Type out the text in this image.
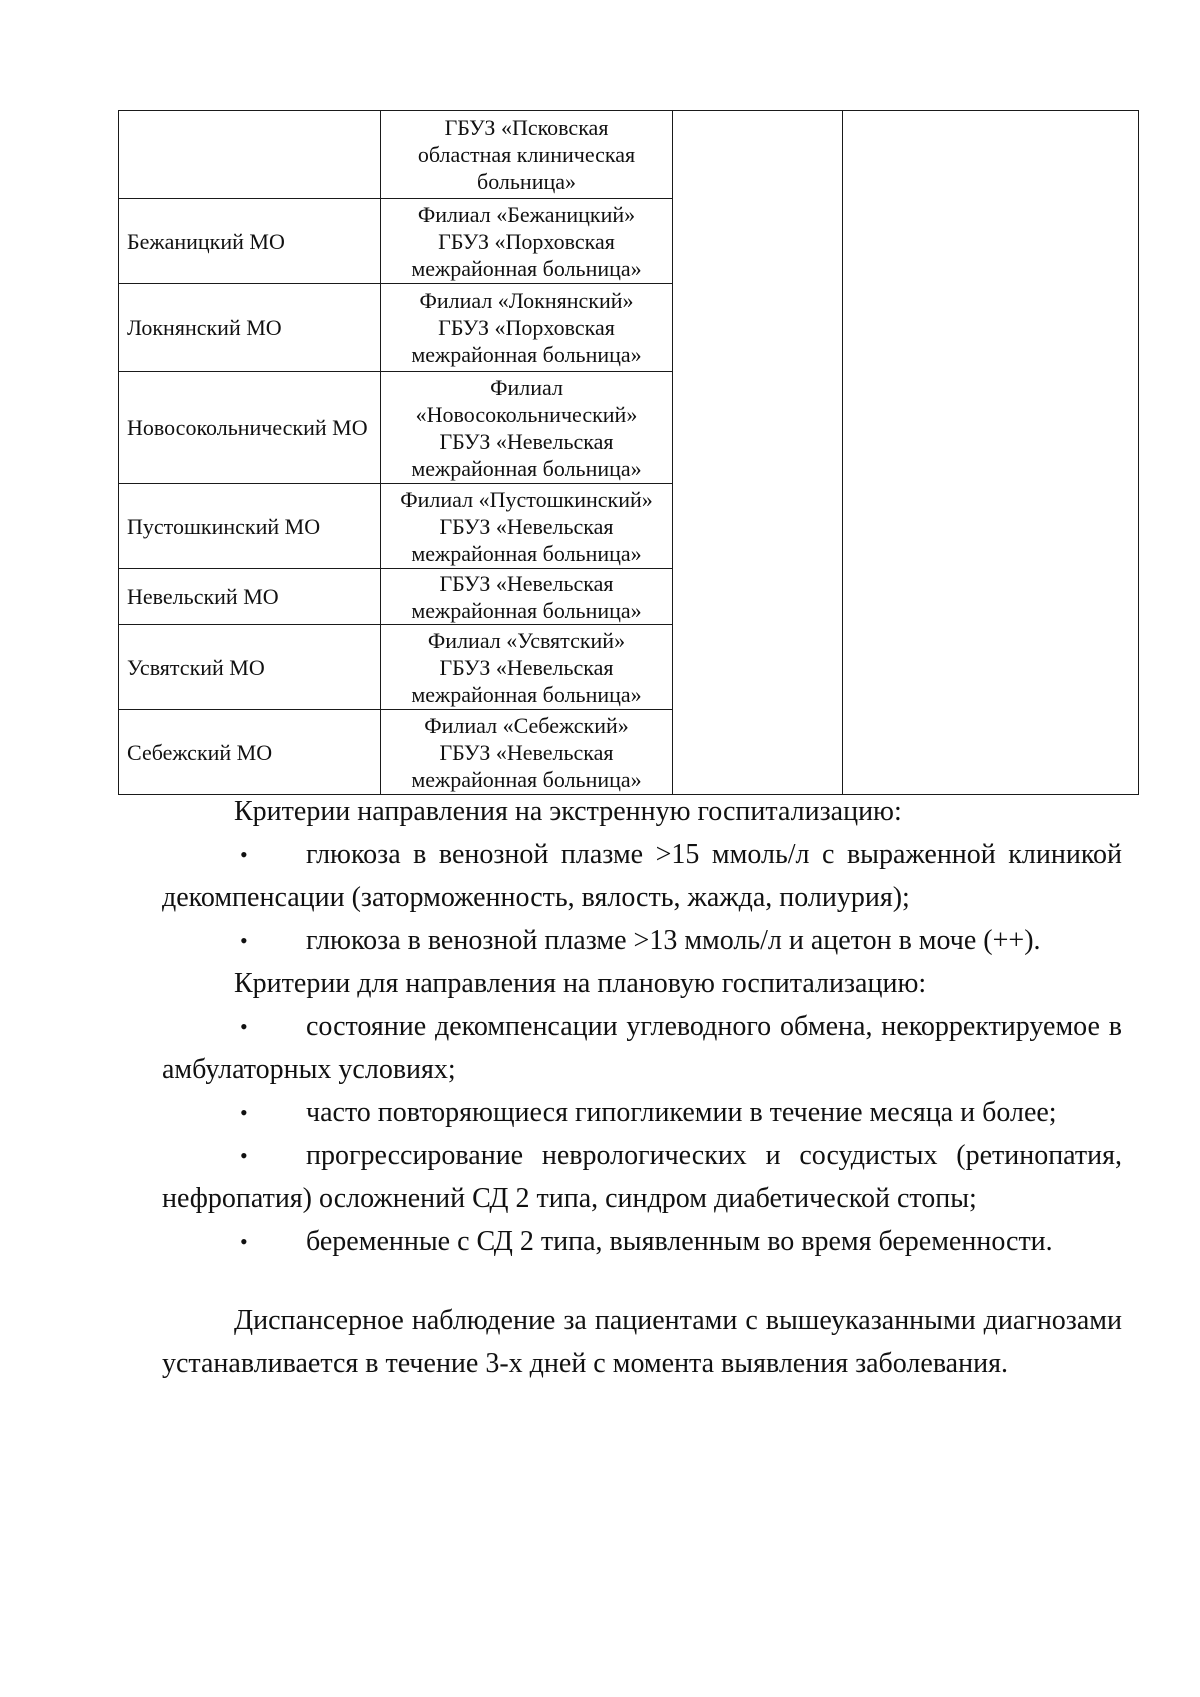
	ГБУЗ «Псковская
областная клиническая
больница»		

Бежаницкий МО	Филиал «Бежаницкий»
ГБУЗ «Порховская
межрайонная больница»		

Локнянский МО	Филиал «Локнянский»
ГБУЗ «Порховская
межрайонная больница»		

Новосокольнический МО	Филиал
«Новосокольнический»
ГБУЗ «Невельская
межрайонная больница»		

Пустошкинский МО	Филиал «Пустошкинский»
ГБУЗ «Невельская
межрайонная больница»		

Невельский МО	ГБУЗ «Невельская
межрайонная больница»		

Усвятский МО	Филиал «Усвятский»
ГБУЗ «Невельская
межрайонная больница»		

Себежский МО	Филиал «Себежский»
ГБУЗ «Невельская
межрайонная больница»		

Критерии направления на экстренную госпитализацию:

• глюкоза в венозной плазме >15 ммоль/л с выраженной клиникой декомпенсации (заторможенность, вялость, жажда, полиурия);

• глюкоза в венозной плазме >13 ммоль/л и ацетон в моче (++).

Критерии для направления на плановую госпитализацию:

• состояние декомпенсации углеводного обмена, некорректируемое в амбулаторных условиях;

• часто повторяющиеся гипогликемии в течение месяца и более;

• прогрессирование неврологических и сосудистых (ретинопатия, нефропатия) осложнений СД 2 типа, синдром диабетической стопы;

• беременные с СД 2 типа, выявленным во время беременности.

Диспансерное наблюдение за пациентами с вышеуказанными диагнозами устанавливается в течение 3-х дней с момента выявления заболевания.
